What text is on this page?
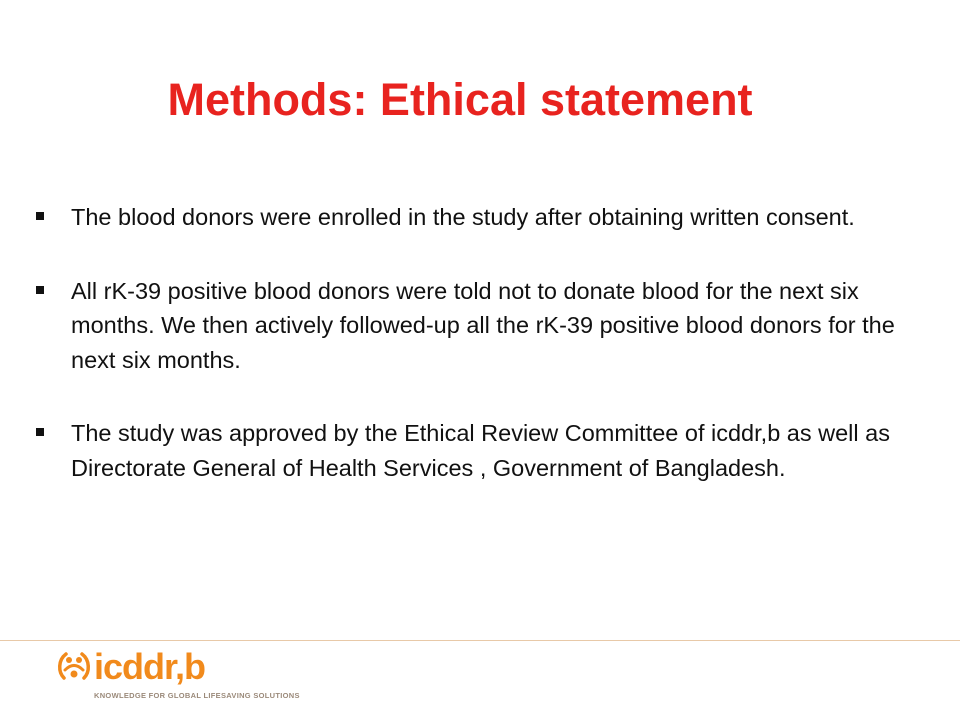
Methods: Ethical statement
The blood donors were enrolled in the study after obtaining written consent.
All rK-39 positive blood donors were told not to donate blood for the next six months. We then actively followed-up all the rK-39 positive blood donors for the next six months.
The study was approved by the Ethical Review Committee of icddr,b as well as Directorate General of Health Services , Government of Bangladesh.
icddr,b
KNOWLEDGE FOR GLOBAL LIFESAVING SOLUTIONS
